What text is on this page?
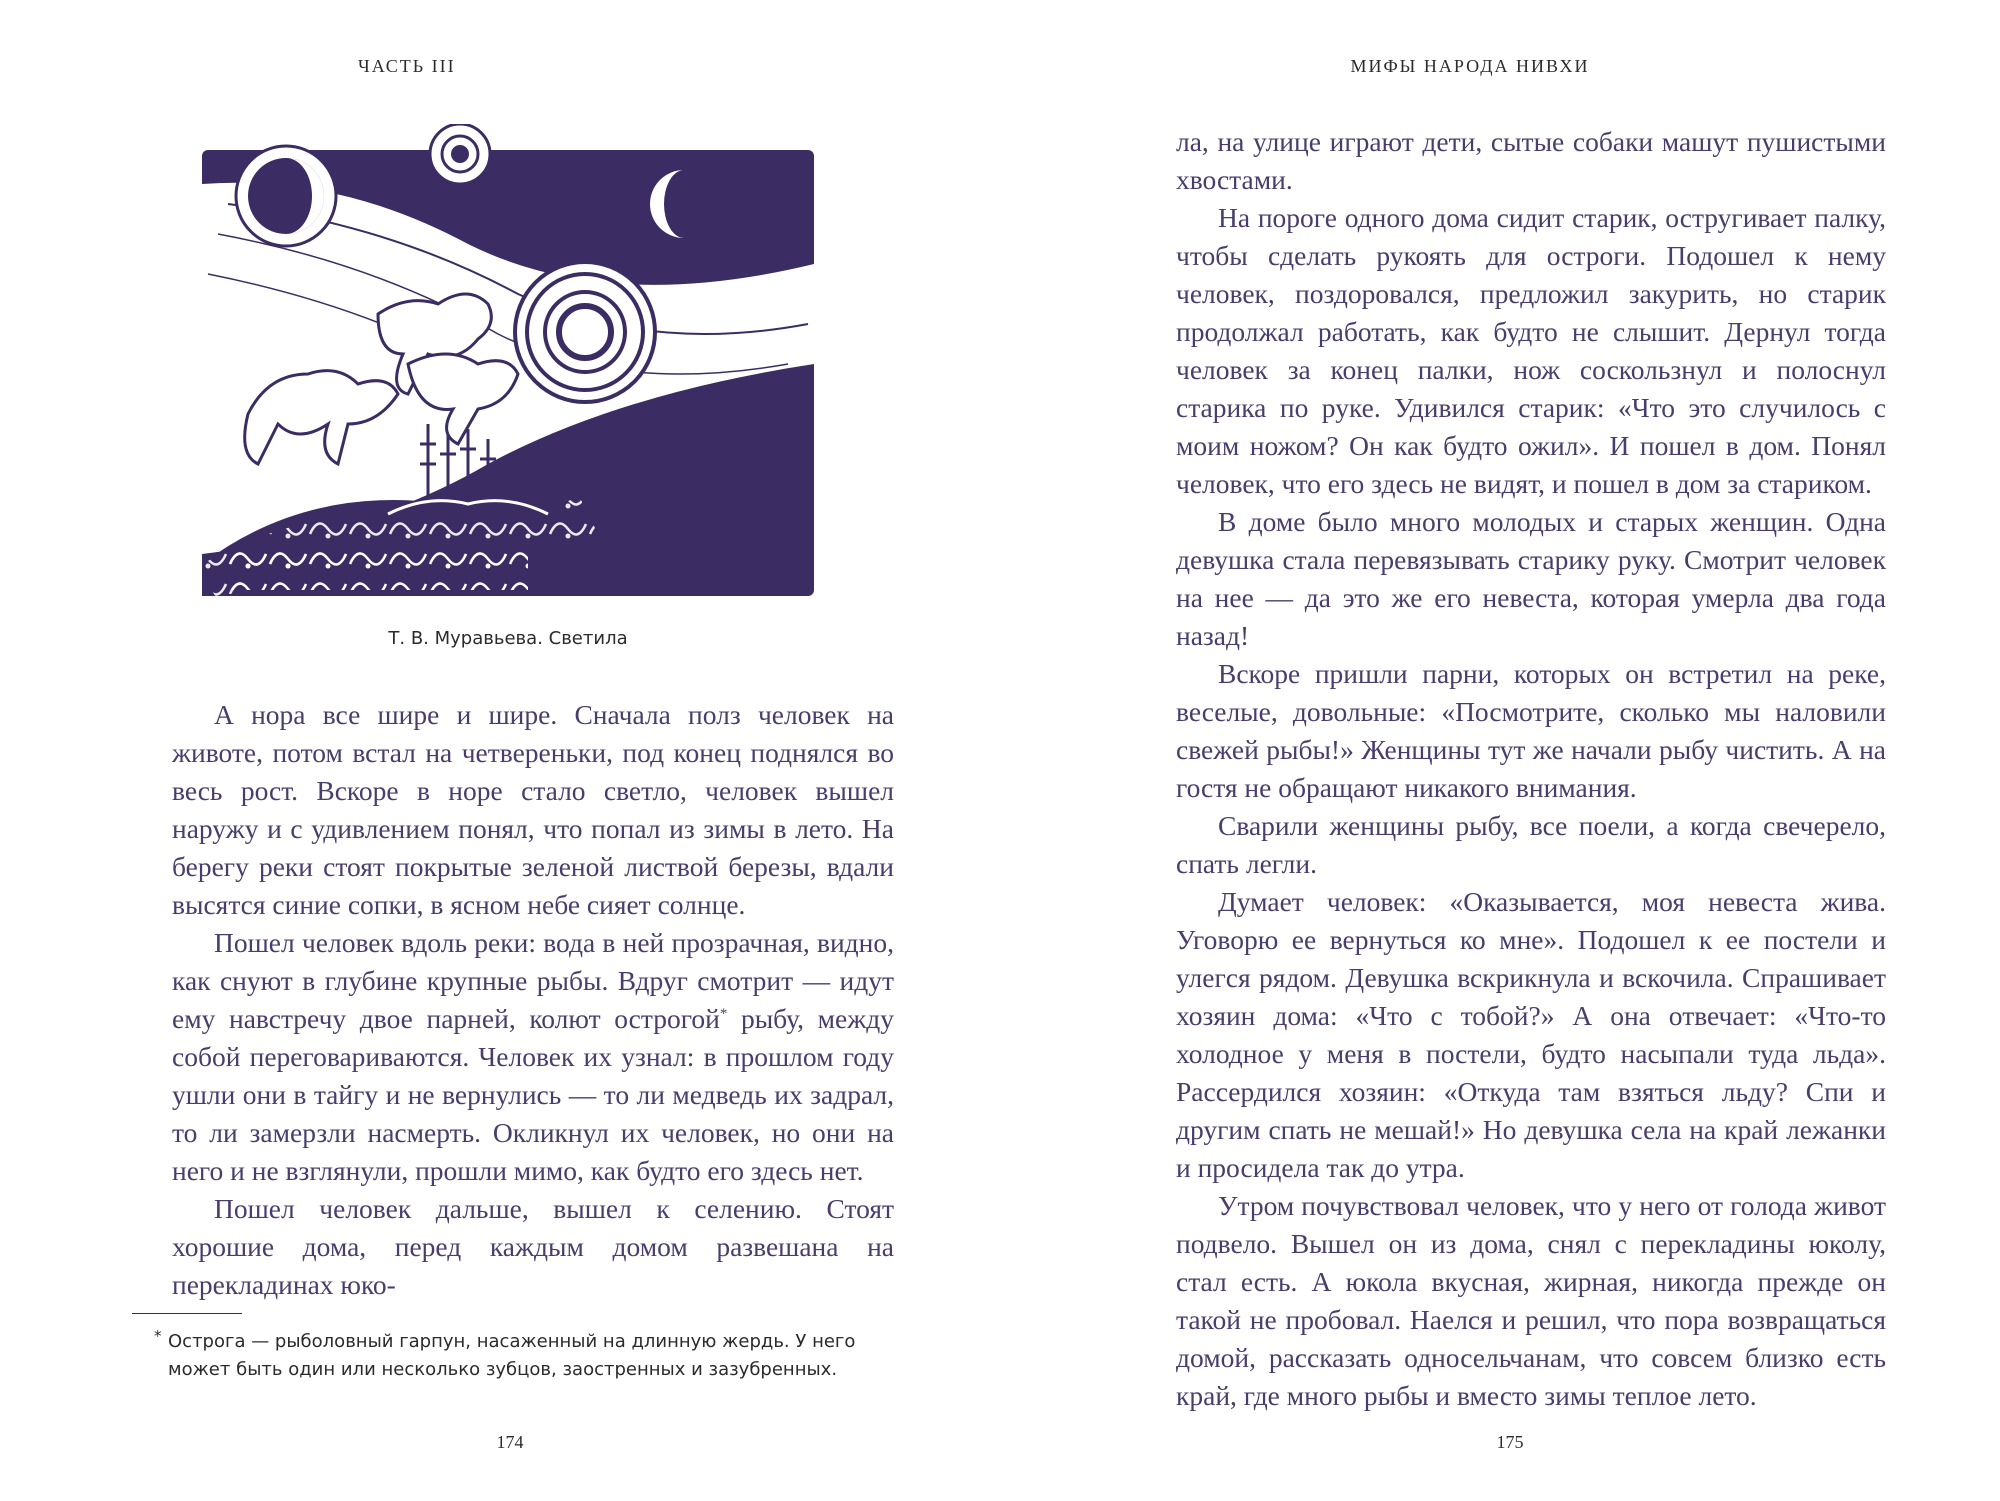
ЧАСТЬ III
Т. В. Муравьева. Светила

А нора все шире и шире. Сначала полз человек на животе, потом встал на четвереньки, под конец поднялся во весь рост. Вскоре в норе стало светло, человек вышел наружу и с удивлением понял, что попал из зимы в лето. На берегу реки стоят покрытые зеленой листвой березы, вдали высятся синие сопки, в ясном небе сияет солнце.

Пошел человек вдоль реки: вода в ней прозрачная, видно, как снуют в глубине крупные рыбы. Вдруг смотрит — идут ему навстречу двое парней, колют острогой* рыбу, между собой переговариваются. Человек их узнал: в прошлом году ушли они в тайгу и не вернулись — то ли медведь их задрал, то ли замерзли насмерть. Окликнул их человек, но они на него и не взглянули, прошли мимо, как будто его здесь нет.

Пошел человек дальше, вышел к селению. Стоят хорошие дома, перед каждым домом развешана на перекладинах юко-

* Острога — рыболовный гарпун, насаженный на длинную жердь. У него может быть один или несколько зубцов, заостренных и зазубренных.
174
МИФЫ НАРОДА НИВХИ

ла, на улице играют дети, сытые собаки машут пушистыми хвостами.

На пороге одного дома сидит старик, остругивает палку, чтобы сделать рукоять для остроги. Подошел к нему человек, поздоровался, предложил закурить, но старик продолжал работать, как будто не слышит. Дернул тогда человек за конец палки, нож соскользнул и полоснул старика по руке. Удивился старик: «Что это случилось с моим ножом? Он как будто ожил». И пошел в дом. Понял человек, что его здесь не видят, и пошел в дом за стариком.

В доме было много молодых и старых женщин. Одна девушка стала перевязывать старику руку. Смотрит человек на нее — да это же его невеста, которая умерла два года назад!

Вскоре пришли парни, которых он встретил на реке, веселые, довольные: «Посмотрите, сколько мы наловили свежей рыбы!» Женщины тут же начали рыбу чистить. А на гостя не обращают никакого внимания.

Сварили женщины рыбу, все поели, а когда свечерело, спать легли.

Думает человек: «Оказывается, моя невеста жива. Уговорю ее вернуться ко мне». Подошел к ее постели и улегся рядом. Девушка вскрикнула и вскочила. Спрашивает хозяин дома: «Что с тобой?» А она отвечает: «Что-то холодное у меня в постели, будто насыпали туда льда». Рассердился хозяин: «Откуда там взяться льду? Спи и другим спать не мешай!» Но девушка села на край лежанки и просидела так до утра.

Утром почувствовал человек, что у него от голода живот подвело. Вышел он из дома, снял с перекладины юколу, стал есть. А юкола вкусная, жирная, никогда прежде он такой не пробовал. Наелся и решил, что пора возвращаться домой, рассказать односельчанам, что совсем близко есть край, где много рыбы и вместо зимы теплое лето.

175
